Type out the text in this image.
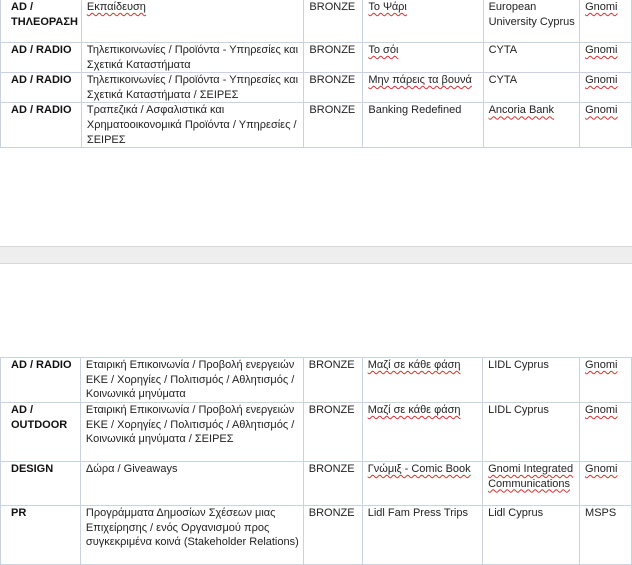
AD / ΤΗΛΕΟΡΑΣΗ	Εκπαίδευση	BRONZE	Το Ψάρι	European University Cyprus	Gnomi
AD / RADIO	Τηλεπικοινωνίες / Προϊόντα - Υπηρεσίες και Σχετικά Καταστήματα	BRONZE	Το σόι	CYTA	Gnomi
AD / RADIO	Τηλεπικοινωνίες / Προϊόντα - Υπηρεσίες και Σχετικά Καταστήματα / ΣΕΙΡΕΣ	BRONZE	Μην πάρεις τα βουνά	CYTA	Gnomi
AD / RADIO	Τραπεζικά / Ασφαλιστικά και Χρηματοοικονομικά Προϊόντα / Υπηρεσίες / ΣΕΙΡΕΣ	BRONZE	Banking Redefined	Ancoria Bank	Gnomi
AD / RADIO	Εταιρική Επικοινωνία / Προβολή ενεργειών ΕΚΕ / Χορηγίες / Πολιτισμός / Αθλητισμός / Κοινωνικά μηνύματα	BRONZE	Μαζί σε κάθε φάση	LIDL Cyprus	Gnomi
AD / OUTDOOR	Εταιρική Επικοινωνία / Προβολή ενεργειών ΕΚΕ / Χορηγίες / Πολιτισμός / Αθλητισμός / Κοινωνικά μηνύματα / ΣΕΙΡΕΣ	BRONZE	Μαζί σε κάθε φάση	LIDL Cyprus	Gnomi
DESIGN	Δώρα / Giveaways	BRONZE	Γνώμιξ - Comic Book	Gnomi Integrated Communications	Gnomi
PR	Προγράμματα Δημοσίων Σχέσεων μιας Επιχείρησης / ενός Οργανισμού προς συγκεκριμένα κοινά (Stakeholder Relations)	BRONZE	Lidl Fam Press Trips	Lidl Cyprus	MSPS
